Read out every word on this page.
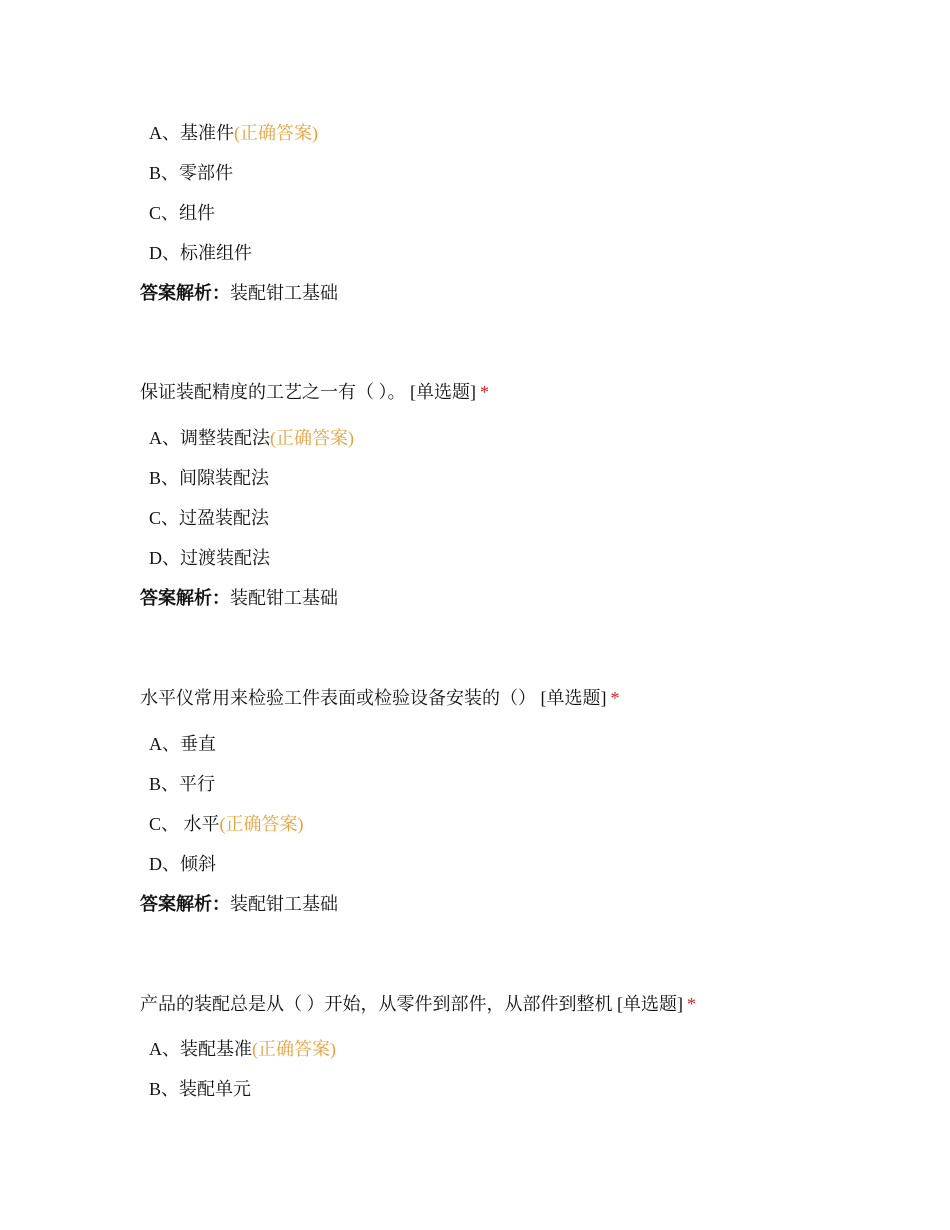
A、基准件(正确答案)
B、零部件
C、组件
D、标准组件
答案解析：装配钳工基础
保证装配精度的工艺之一有（ ）。 [单选题] *
A、调整装配法(正确答案)
B、间隙装配法
C、过盈装配法
D、过渡装配法
答案解析：装配钳工基础
水平仪常用来检验工件表面或检验设备安装的（） [单选题] *
A、垂直
B、平行
C、 水平(正确答案)
D、倾斜
答案解析：装配钳工基础
产品的装配总是从（ ）开始，从零件到部件，从部件到整机 [单选题] *
A、装配基准(正确答案)
B、装配单元
